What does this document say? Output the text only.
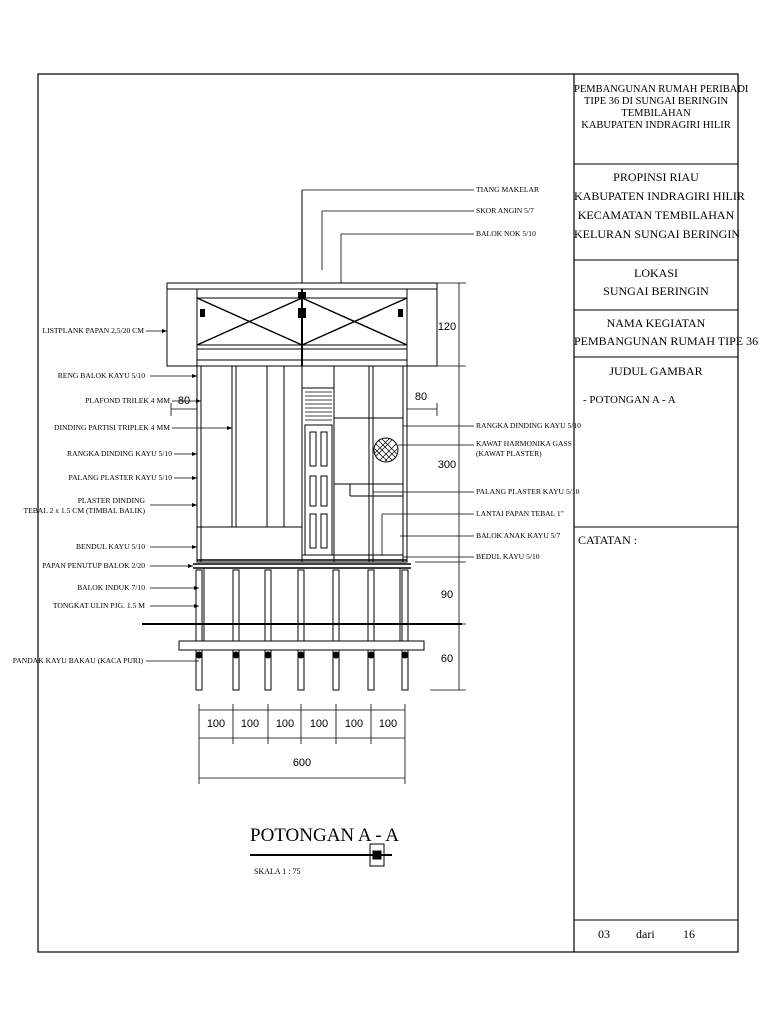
80	80
120
300
90
60
100 100 100 100 100 100
600
LISTPLANK PAPAN 2,5/20 CM
RENG BALOK KAYU 5/10
PLAFOND TRILEK 4 MM
DINDING PARTISI TRIPLEK 4 MM
RANGKA DINDING KAYU 5/10
PALANG PLASTER KAYU 5/10
PLASTER DINDING
TEBAL 2 x 1.5 CM (TIMBAL BALIK)
BENDUL KAYU 5/10
PAPAN PENUTUP BALOK 2/20
BALOK INDUK 7/10
TONGKAT ULIN PJG. 1.5 M
PANDAK KAYU BAKAU (KACA PURI)
TIANG MAKELAR
SKOR ANGIN 5/7
BALOK NOK 5/10
RANGKA DINDING KAYU 5/10
KAWAT HARMONIKA GASS
(KAWAT PLASTER)
PALANG PLASTER KAYU 5/10
LANTAI PAPAN TEBAL 1"
BALOK ANAK KAYU 5/7
BEDUL KAYU 5/10
POTONGAN A - A
SKALA 1 : 75
PEMBANGUNAN RUMAH PERIBADI
TIPE 36 DI SUNGAI BERINGIN
TEMBILAHAN
KABUPATEN INDRAGIRI HILIR
PROPINSI RIAU
KABUPATEN INDRAGIRI HILIR
KECAMATAN TEMBILAHAN
KELURAN SUNGAI BERINGIN
LOKASI
SUNGAI BERINGIN
NAMA KEGIATAN
PEMBANGUNAN RUMAH TIPE 36
JUDUL GAMBAR
- POTONGAN A - A
CATATAN :
03 dari 16
